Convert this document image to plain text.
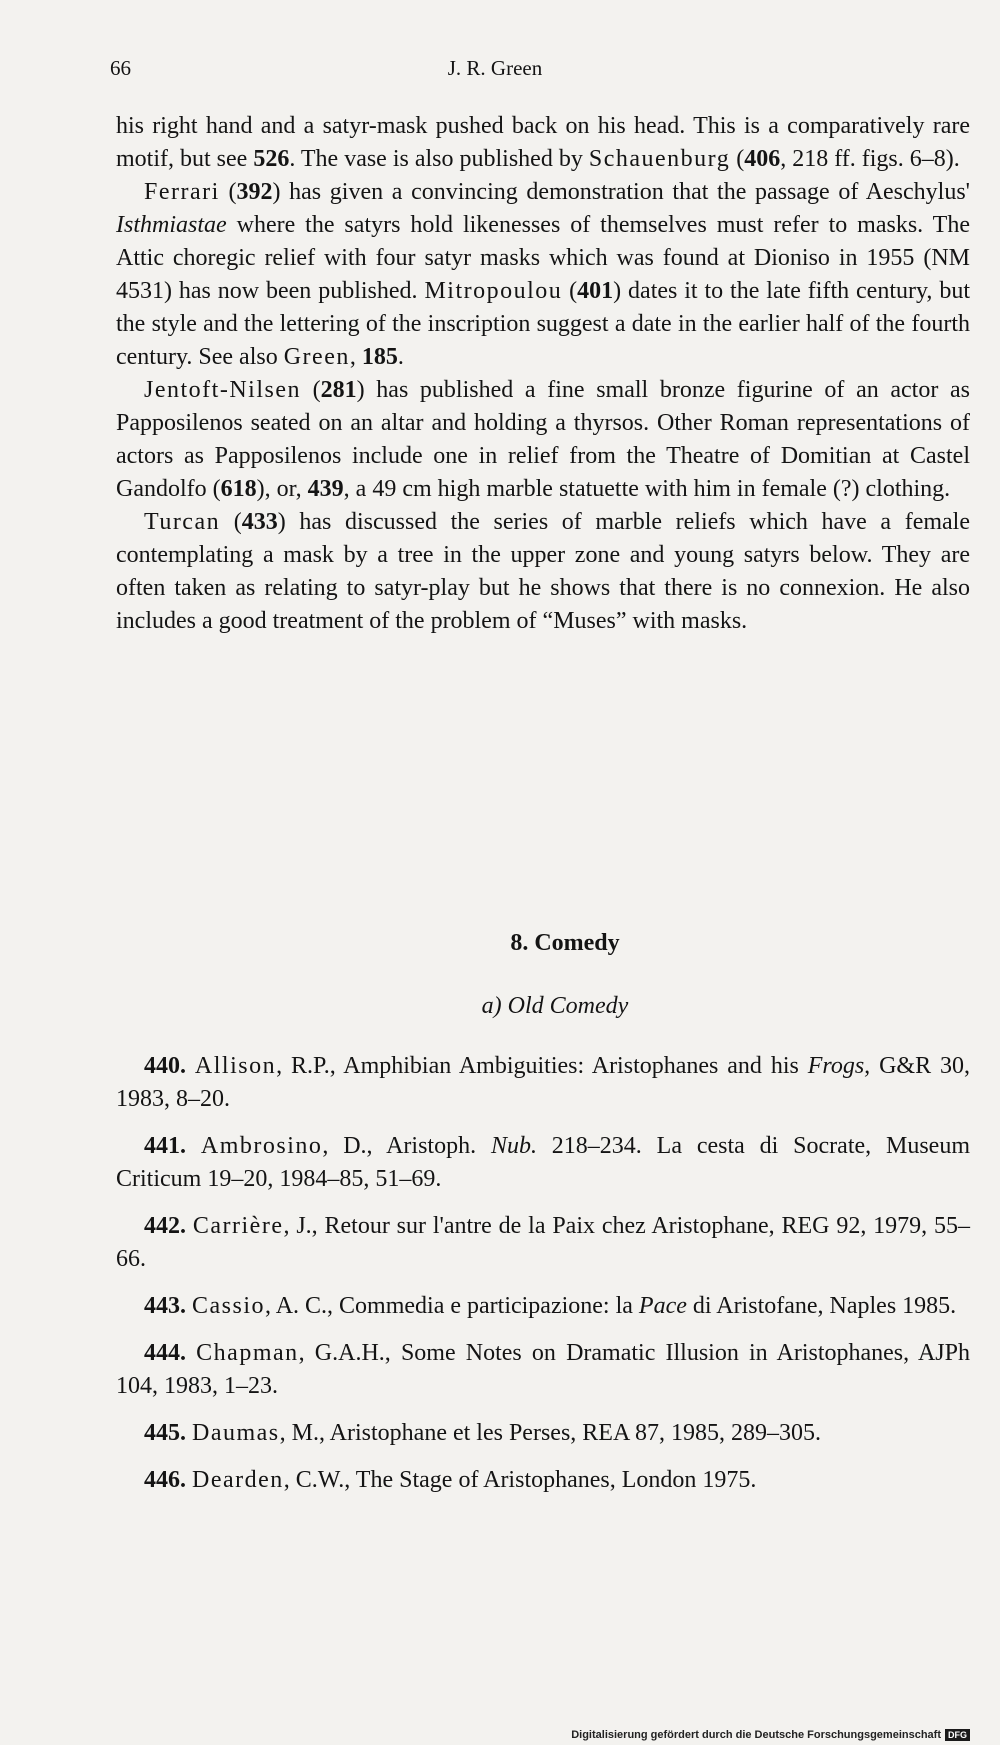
66	J. R. Green

his right hand and a satyr-mask pushed back on his head. This is a comparatively rare motif, but see 526. The vase is also published by Schauenburg (406, 218 ff. figs. 6–8).

Ferrari (392) has given a convincing demonstration that the passage of Aeschylus' Isthmiastae where the satyrs hold likenesses of themselves must refer to masks. The Attic choregic relief with four satyr masks which was found at Dioniso in 1955 (NM 4531) has now been published. Mitropoulou (401) dates it to the late fifth century, but the style and the lettering of the inscription suggest a date in the earlier half of the fourth century. See also Green, 185.

Jentoft-Nilsen (281) has published a fine small bronze figurine of an actor as Papposilenos seated on an altar and holding a thyrsos. Other Roman representations of actors as Papposilenos include one in relief from the Theatre of Domitian at Castel Gandolfo (618), or, 439, a 49 cm high marble statuette with him in female (?) clothing.

Turcan (433) has discussed the series of marble reliefs which have a female contemplating a mask by a tree in the upper zone and young satyrs below. They are often taken as relating to satyr-play but he shows that there is no connexion. He also includes a good treatment of the problem of “Muses” with masks.

8. Comedy
a) Old Comedy

440. Allison, R.P., Amphibian Ambiguities: Aristophanes and his Frogs, G&R 30, 1983, 8–20.

441. Ambrosino, D., Aristoph. Nub. 218–234. La cesta di Socrate, Museum Criticum 19–20, 1984–85, 51–69.

442. Carrière, J., Retour sur l'antre de la Paix chez Aristophane, REG 92, 1979, 55–66.

443. Cassio, A. C., Commedia e participazione: la Pace di Aristofane, Naples 1985.

444. Chapman, G.A.H., Some Notes on Dramatic Illusion in Aristophanes, AJPh 104, 1983, 1–23.

445. Daumas, M., Aristophane et les Perses, REA 87, 1985, 289–305.

446. Dearden, C.W., The Stage of Aristophanes, London 1975.

Digitalisierung gefördert durch die Deutsche Forschungsgemeinschaft DFG
